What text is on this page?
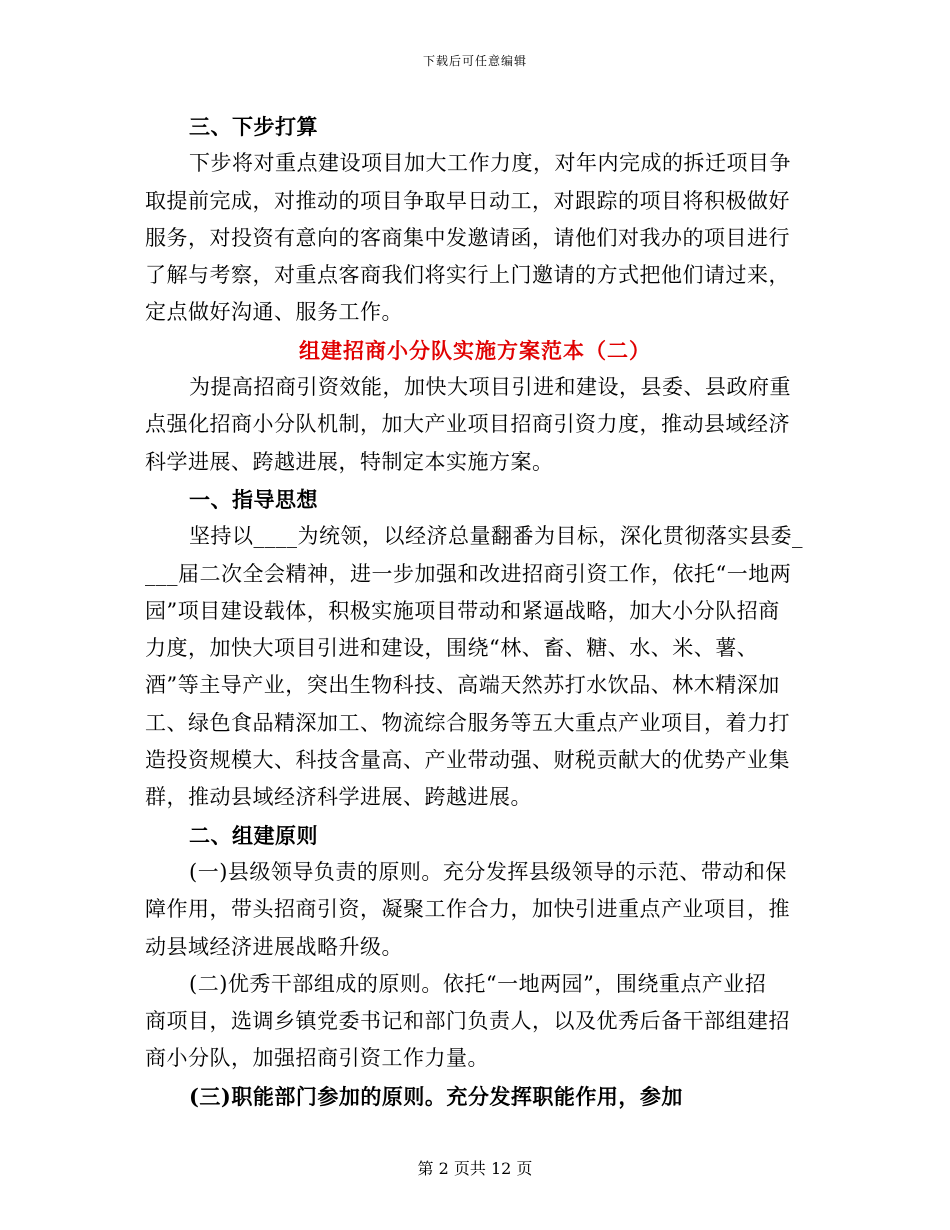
下载后可任意编辑
三、下步打算
下步将对重点建设项目加大工作力度，对年内完成的拆迁项目争
取提前完成，对推动的项目争取早日动工，对跟踪的项目将积极做好
服务，对投资有意向的客商集中发邀请函，请他们对我办的项目进行
了解与考察，对重点客商我们将实行上门邀请的方式把他们请过来，
定点做好沟通、服务工作。
组建招商小分队实施方案范本（二）
为提高招商引资效能，加快大项目引进和建设，县委、县政府重
点强化招商小分队机制，加大产业项目招商引资力度，推动县域经济
科学进展、跨越进展，特制定本实施方案。
一、指导思想
坚持以____为统领，以经济总量翻番为目标，深化贯彻落实县委_
___届二次全会精神，进一步加强和改进招商引资工作，依托“一地两
园”项目建设载体，积极实施项目带动和紧逼战略，加大小分队招商
力度，加快大项目引进和建设，围绕“林、畜、糖、水、米、薯、
酒”等主导产业，突出生物科技、高端天然苏打水饮品、林木精深加
工、绿色食品精深加工、物流综合服务等五大重点产业项目，着力打
造投资规模大、科技含量高、产业带动强、财税贡献大的优势产业集
群，推动县域经济科学进展、跨越进展。
二、组建原则
(一)县级领导负责的原则。充分发挥县级领导的示范、带动和保
障作用，带头招商引资，凝聚工作合力，加快引进重点产业项目，推
动县域经济进展战略升级。
(二)优秀干部组成的原则。依托“一地两园”，围绕重点产业招
商项目，选调乡镇党委书记和部门负责人，以及优秀后备干部组建招
商小分队，加强招商引资工作力量。
(三)职能部门参加的原则。充分发挥职能作用，参加
第 2 页共 12 页
